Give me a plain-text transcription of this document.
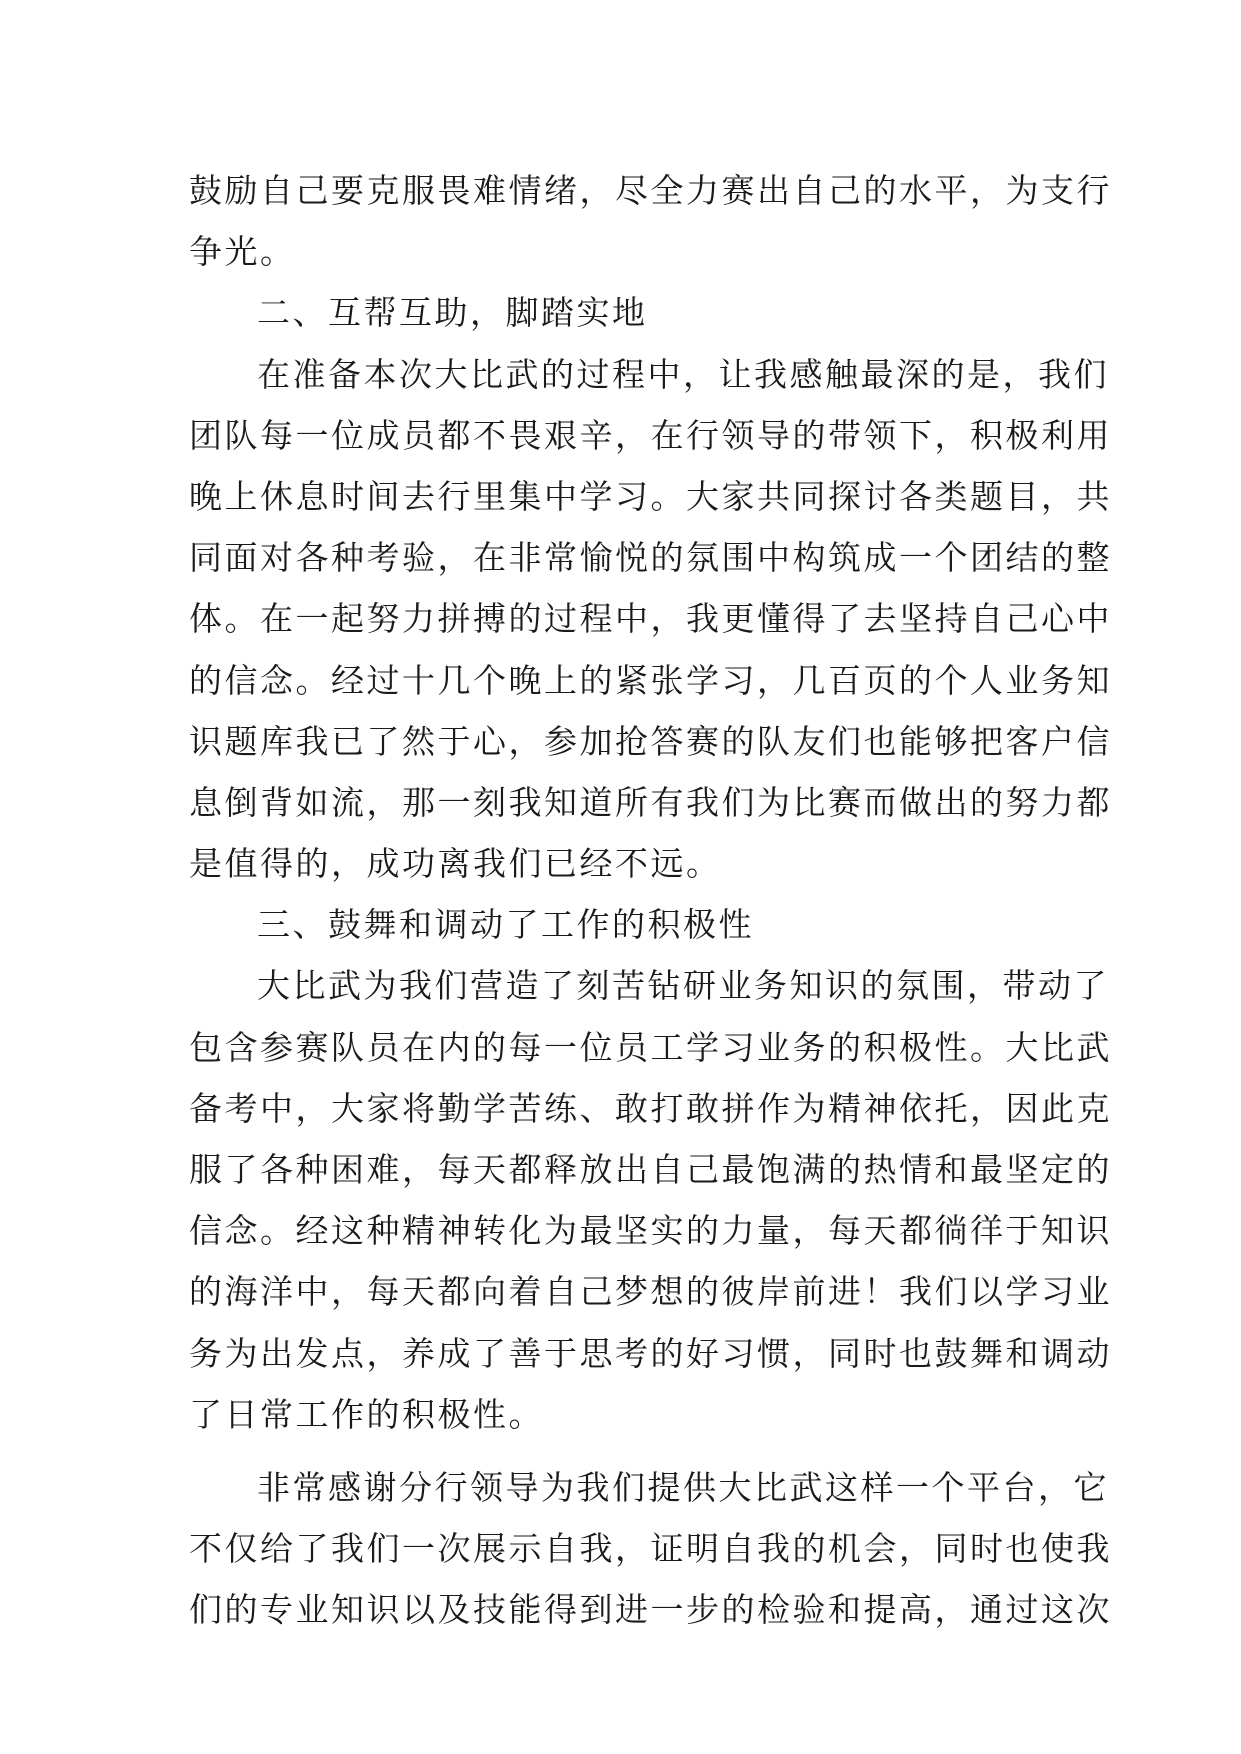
鼓励自己要克服畏难情绪，尽全力赛出自己的水平，为支行
争光。
二、互帮互助，脚踏实地
在准备本次大比武的过程中，让我感触最深的是，我们
团队每一位成员都不畏艰辛，在行领导的带领下，积极利用
晚上休息时间去行里集中学习。大家共同探讨各类题目，共
同面对各种考验，在非常愉悦的氛围中构筑成一个团结的整
体。在一起努力拼搏的过程中，我更懂得了去坚持自己心中
的信念。经过十几个晚上的紧张学习，几百页的个人业务知
识题库我已了然于心，参加抢答赛的队友们也能够把客户信
息倒背如流，那一刻我知道所有我们为比赛而做出的努力都
是值得的，成功离我们已经不远。
三、鼓舞和调动了工作的积极性
大比武为我们营造了刻苦钻研业务知识的氛围，带动了
包含参赛队员在内的每一位员工学习业务的积极性。大比武
备考中，大家将勤学苦练、敢打敢拼作为精神依托，因此克
服了各种困难，每天都释放出自己最饱满的热情和最坚定的
信念。经这种精神转化为最坚实的力量，每天都徜徉于知识
的海洋中，每天都向着自己梦想的彼岸前进！我们以学习业
务为出发点，养成了善于思考的好习惯，同时也鼓舞和调动
了日常工作的积极性。
非常感谢分行领导为我们提供大比武这样一个平台，它
不仅给了我们一次展示自我，证明自我的机会，同时也使我
们的专业知识以及技能得到进一步的检验和提高，通过这次
